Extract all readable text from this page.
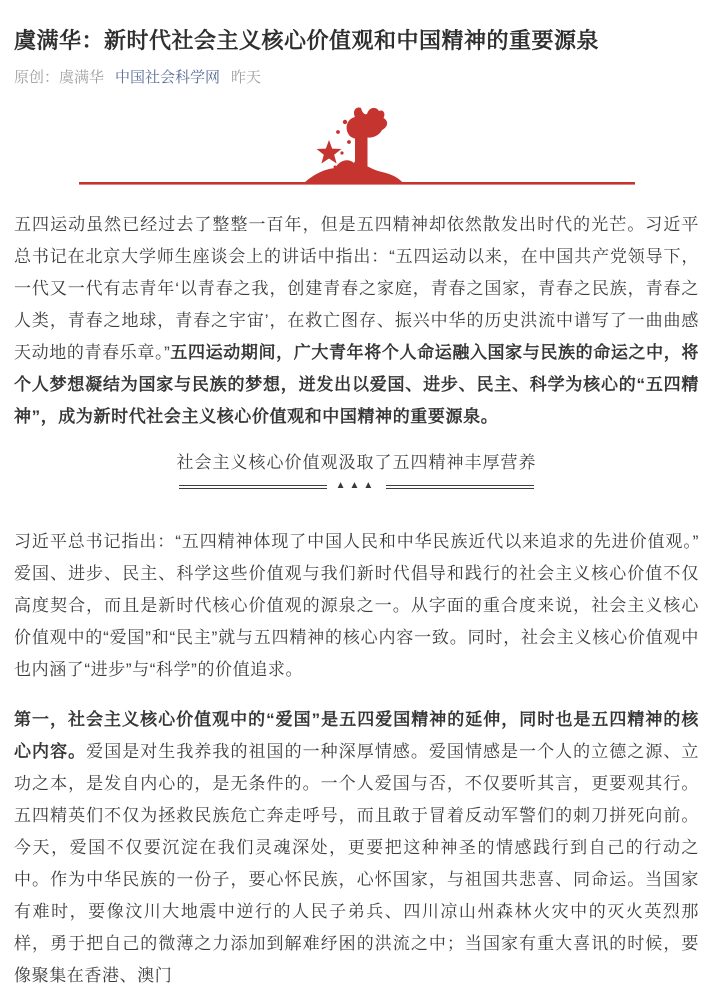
虞满华：新时代社会主义核心价值观和中国精神的重要源泉
原创：虞满华 中国社会科学网 昨天

五四运动虽然已经过去了整整一百年，但是五四精神却依然散发出时代的光芒。习近平总书记在北京大学师生座谈会上的讲话中指出：“五四运动以来，在中国共产党领导下，一代又一代有志青年‘以青春之我，创建青春之家庭，青春之国家，青春之民族，青春之人类，青春之地球，青春之宇宙’，在救亡图存、振兴中华的历史洪流中谱写了一曲曲感天动地的青春乐章。”五四运动期间，广大青年将个人命运融入国家与民族的命运之中，将个人梦想凝结为国家与民族的梦想，迸发出以爱国、进步、民主、科学为核心的“五四精神”，成为新时代社会主义核心价值观和中国精神的重要源泉。

社会主义核心价值观汲取了五四精神丰厚营养
▲▲▲

习近平总书记指出：“五四精神体现了中国人民和中华民族近代以来追求的先进价值观。”爱国、进步、民主、科学这些价值观与我们新时代倡导和践行的社会主义核心价值不仅高度契合，而且是新时代核心价值观的源泉之一。从字面的重合度来说，社会主义核心价值观中的“爱国”和“民主”就与五四精神的核心内容一致。同时，社会主义核心价值观中也内涵了“进步”与“科学”的价值追求。

第一，社会主义核心价值观中的“爱国”是五四爱国精神的延伸，同时也是五四精神的核心内容。爱国是对生我养我的祖国的一种深厚情感。爱国情感是一个人的立德之源、立功之本，是发自内心的，是无条件的。一个人爱国与否，不仅要听其言，更要观其行。五四精英们不仅为拯救民族危亡奔走呼号，而且敢于冒着反动军警们的刺刀拼死向前。今天，爱国不仅要沉淀在我们灵魂深处，更要把这种神圣的情感践行到自己的行动之中。作为中华民族的一份子，要心怀民族，心怀国家，与祖国共悲喜、同命运。当国家有难时，要像汶川大地震中逆行的人民子弟兵、四川凉山州森林火灾中的灭火英烈那样，勇于把自己的微薄之力添加到解难纾困的洪流之中；当国家有重大喜讯的时候，要像聚集在香港、澳门
